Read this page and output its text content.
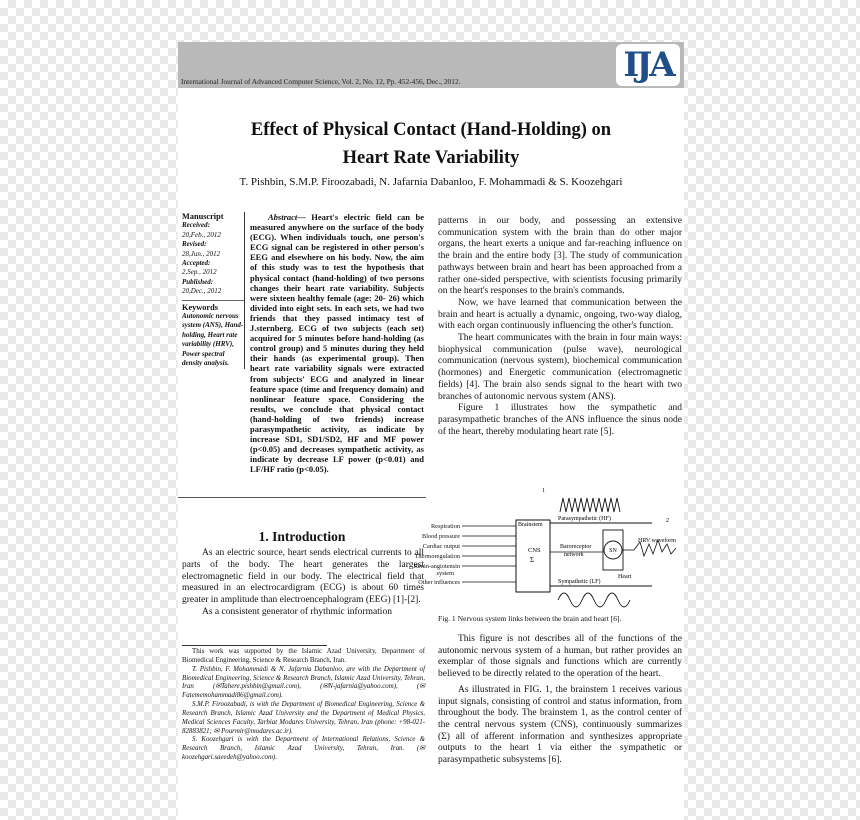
International Journal of Advanced Computer Science, Vol. 2, No. 12, Pp. 452-456, Dec., 2012.	IJA
Effect of Physical Contact (Hand-Holding) on
Heart Rate Variability
T. Pishbin, S.M.P. Firoozabadi, N. Jafarnia Dabanloo, F. Mohammadi & S. Koozehgari
Manuscript
Received:
20,Feb., 2012
Revised:
28,Jun., 2012
Accepted:
2,Sep., 2012
Published:
20,Dec., 2012
Keywords
Autonomic nervous system (ANS), Hand-holding, Heart rate variability (HRV), Power spectral density analysis.
Abstract— Heart's electric field can be measured anywhere on the surface of the body (ECG). When individuals touch, one person's ECG signal can be registered in other person's EEG and elsewhere on his body. Now, the aim of this study was to test the hypothesis that physical contact (hand-holding) of two persons changes their heart rate variability. Subjects were sixteen healthy female (age: 20- 26) which divided into eight sets. In each sets, we had two friends that they passed intimacy test of J.sternberg. ECG of two subjects (each set) acquired for 5 minutes before hand-holding (as control group) and 5 minutes during they held their hands (as experimental group). Then heart rate variability signals were extracted from subjects' ECG and analyzed in linear feature space (time and frequency domain) and nonlinear feature space. Considering the results, we conclude that physical contact (hand-holding of two friends) increase parasympathetic activity, as indicate by increase SD1, SD1/SD2, HF and MF power (p<0.05) and decreases sympathetic activity, as indicate by decrease LF power (p<0.01) and LF/HF ratio (p<0.05).
1. Introduction

As an electric source, heart sends electrical currents to all parts of the body. The heart generates the largest electromagnetic field in our body. The electrical field that measured in an electrocardigram (ECG) is about 60 times greater in amplitude than electroencephalogram (EEG) [1]-[2].

As a consistent generator of rhythmic information

This work was supported by the Islamic Azad University, Department of Biomedical Engineering, Science & Research Branch, Iran.

T. Pishbin, F. Mohammadi & N. Jafarnia Dabanloo, are with the Department of Biomedical Engineering, Science & Research Branch, Islamic Azad University, Tehran, Iran (✉Tahere.pishbin@gmail.com), (✉N-jafarnia@yahoo.com), (✉Fatememohammadi86@gmail.com).

S.M.P. Firoozabadi, is with the Department of Biomedical Engineering, Science & Research Branch, Islamic Azad University and the Department of Medical Physics, Medical Sciences Faculty, Tarbiat Modares University, Tehran, Iran (phone: +98-021-82883821; ✉ Pourmir@modares.ac.ir).

S. Koozehgari is with the Department of International Relations, Science & Research Branch, Islamic Azad University, Tehran, Iran. (✉koozehgari.saeedeh@yahoo.com).

patterns in our body, and possessing an extensive communication system with the brain than do other major organs, the heart exerts a unique and far-reaching influence on the brain and the entire body [3]. The study of communication pathways between brain and heart has been approached from a rather one-sided perspective, with scientists focusing primarily on the heart's responses to the brain's commands.

Now, we have learned that communication between the brain and heart is actually a dynamic, ongoing, two-way dialog, with each organ continuously influencing the other's function.

The heart communicates with the brain in four main ways: biophysical communication (pulse wave), neurological communication (nervous system), biochemical communication (hormones) and Energetic communication (electromagnetic fields) [4]. The brain also sends signal to the heart with two branches of autonomic nervous system (ANS).

Figure 1 illustrates how the sympathetic and parasympathetic branches of the ANS influence the sinus node of the heart, thereby modulating heart rate [5].

Respiration
Blood pressure
Cardiac output
Thermoregulation
Renin-angiotensin
system
Other influences
Brainstem
CNS
Σ
1
2
Parasympathetic (HF)
Sympathetic (LF)
Baroreceptor
network
SN
Heart
HRV waveform
Fig. 1 Nervous system links between the brain and heart [6].

This figure is not describes all of the functions of the autonomic nervous system of a human, but rather provides an exemplar of those signals and functions which are currently believed to be directly related to the operation of the heart.

As illustrated in FIG. 1, the brainstem 1 receives various input signals, consisting of control and status information, from throughout the body. The brainstem 1, as the control center of the central nervous system (CNS), continuously summarizes (Σ) all of afferent information and synthesizes appropriate outputs to the heart 1 via either the sympathetic or parasympathetic subsystems [6].
